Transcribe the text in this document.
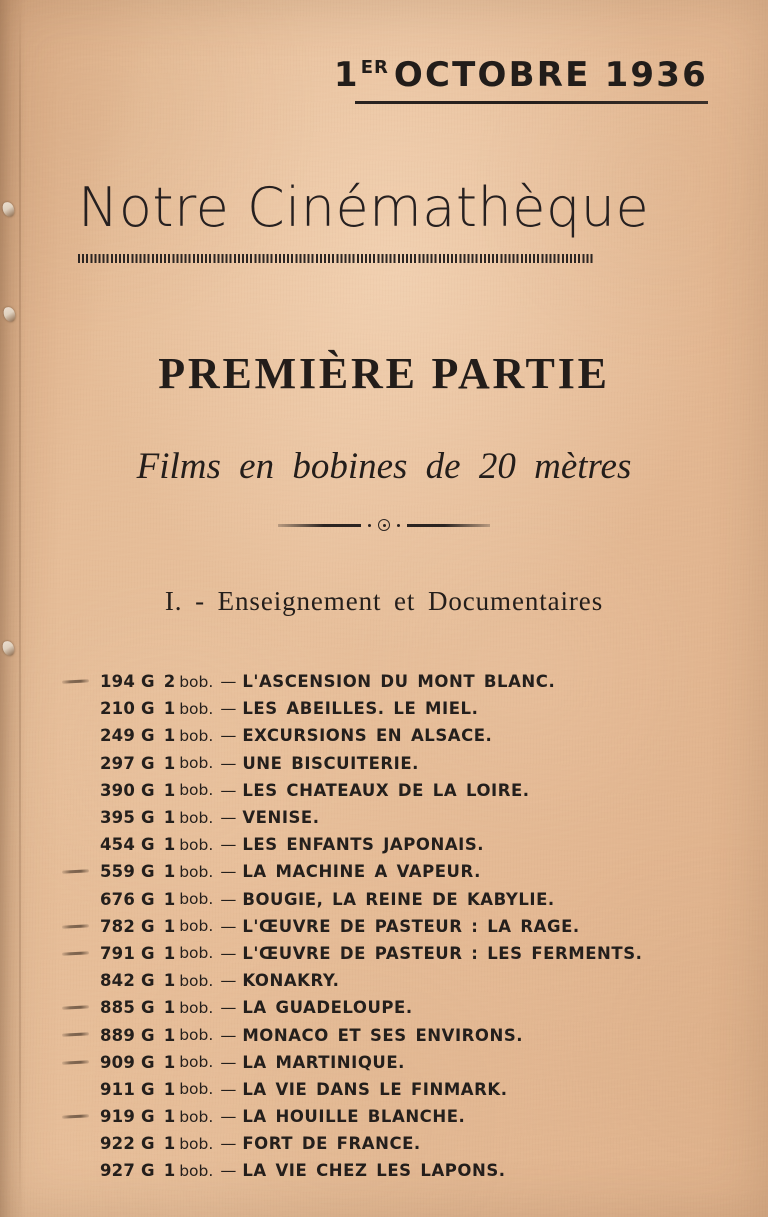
1ER OCTOBRE 1936
Notre Cinémathèque
PREMIÈRE PARTIE
Films en bobines de 20 mètres
I. - Enseignement et Documentaires
194 G 2 bob. — L'ASCENSION DU MONT BLANC.
210 G 1 bob. — LES ABEILLES. LE MIEL.
249 G 1 bob. — EXCURSIONS EN ALSACE.
297 G 1 bob. — UNE BISCUITERIE.
390 G 1 bob. — LES CHATEAUX DE LA LOIRE.
395 G 1 bob. — VENISE.
454 G 1 bob. — LES ENFANTS JAPONAIS.
559 G 1 bob. — LA MACHINE A VAPEUR.
676 G 1 bob. — BOUGIE, LA REINE DE KABYLIE.
782 G 1 bob. — L'ŒUVRE DE PASTEUR : LA RAGE.
791 G 1 bob. — L'ŒUVRE DE PASTEUR : LES FERMENTS.
842 G 1 bob. — KONAKRY.
885 G 1 bob. — LA GUADELOUPE.
889 G 1 bob. — MONACO ET SES ENVIRONS.
909 G 1 bob. — LA MARTINIQUE.
911 G 1 bob. — LA VIE DANS LE FINMARK.
919 G 1 bob. — LA HOUILLE BLANCHE.
922 G 1 bob. — FORT DE FRANCE.
927 G 1 bob. — LA VIE CHEZ LES LAPONS.
